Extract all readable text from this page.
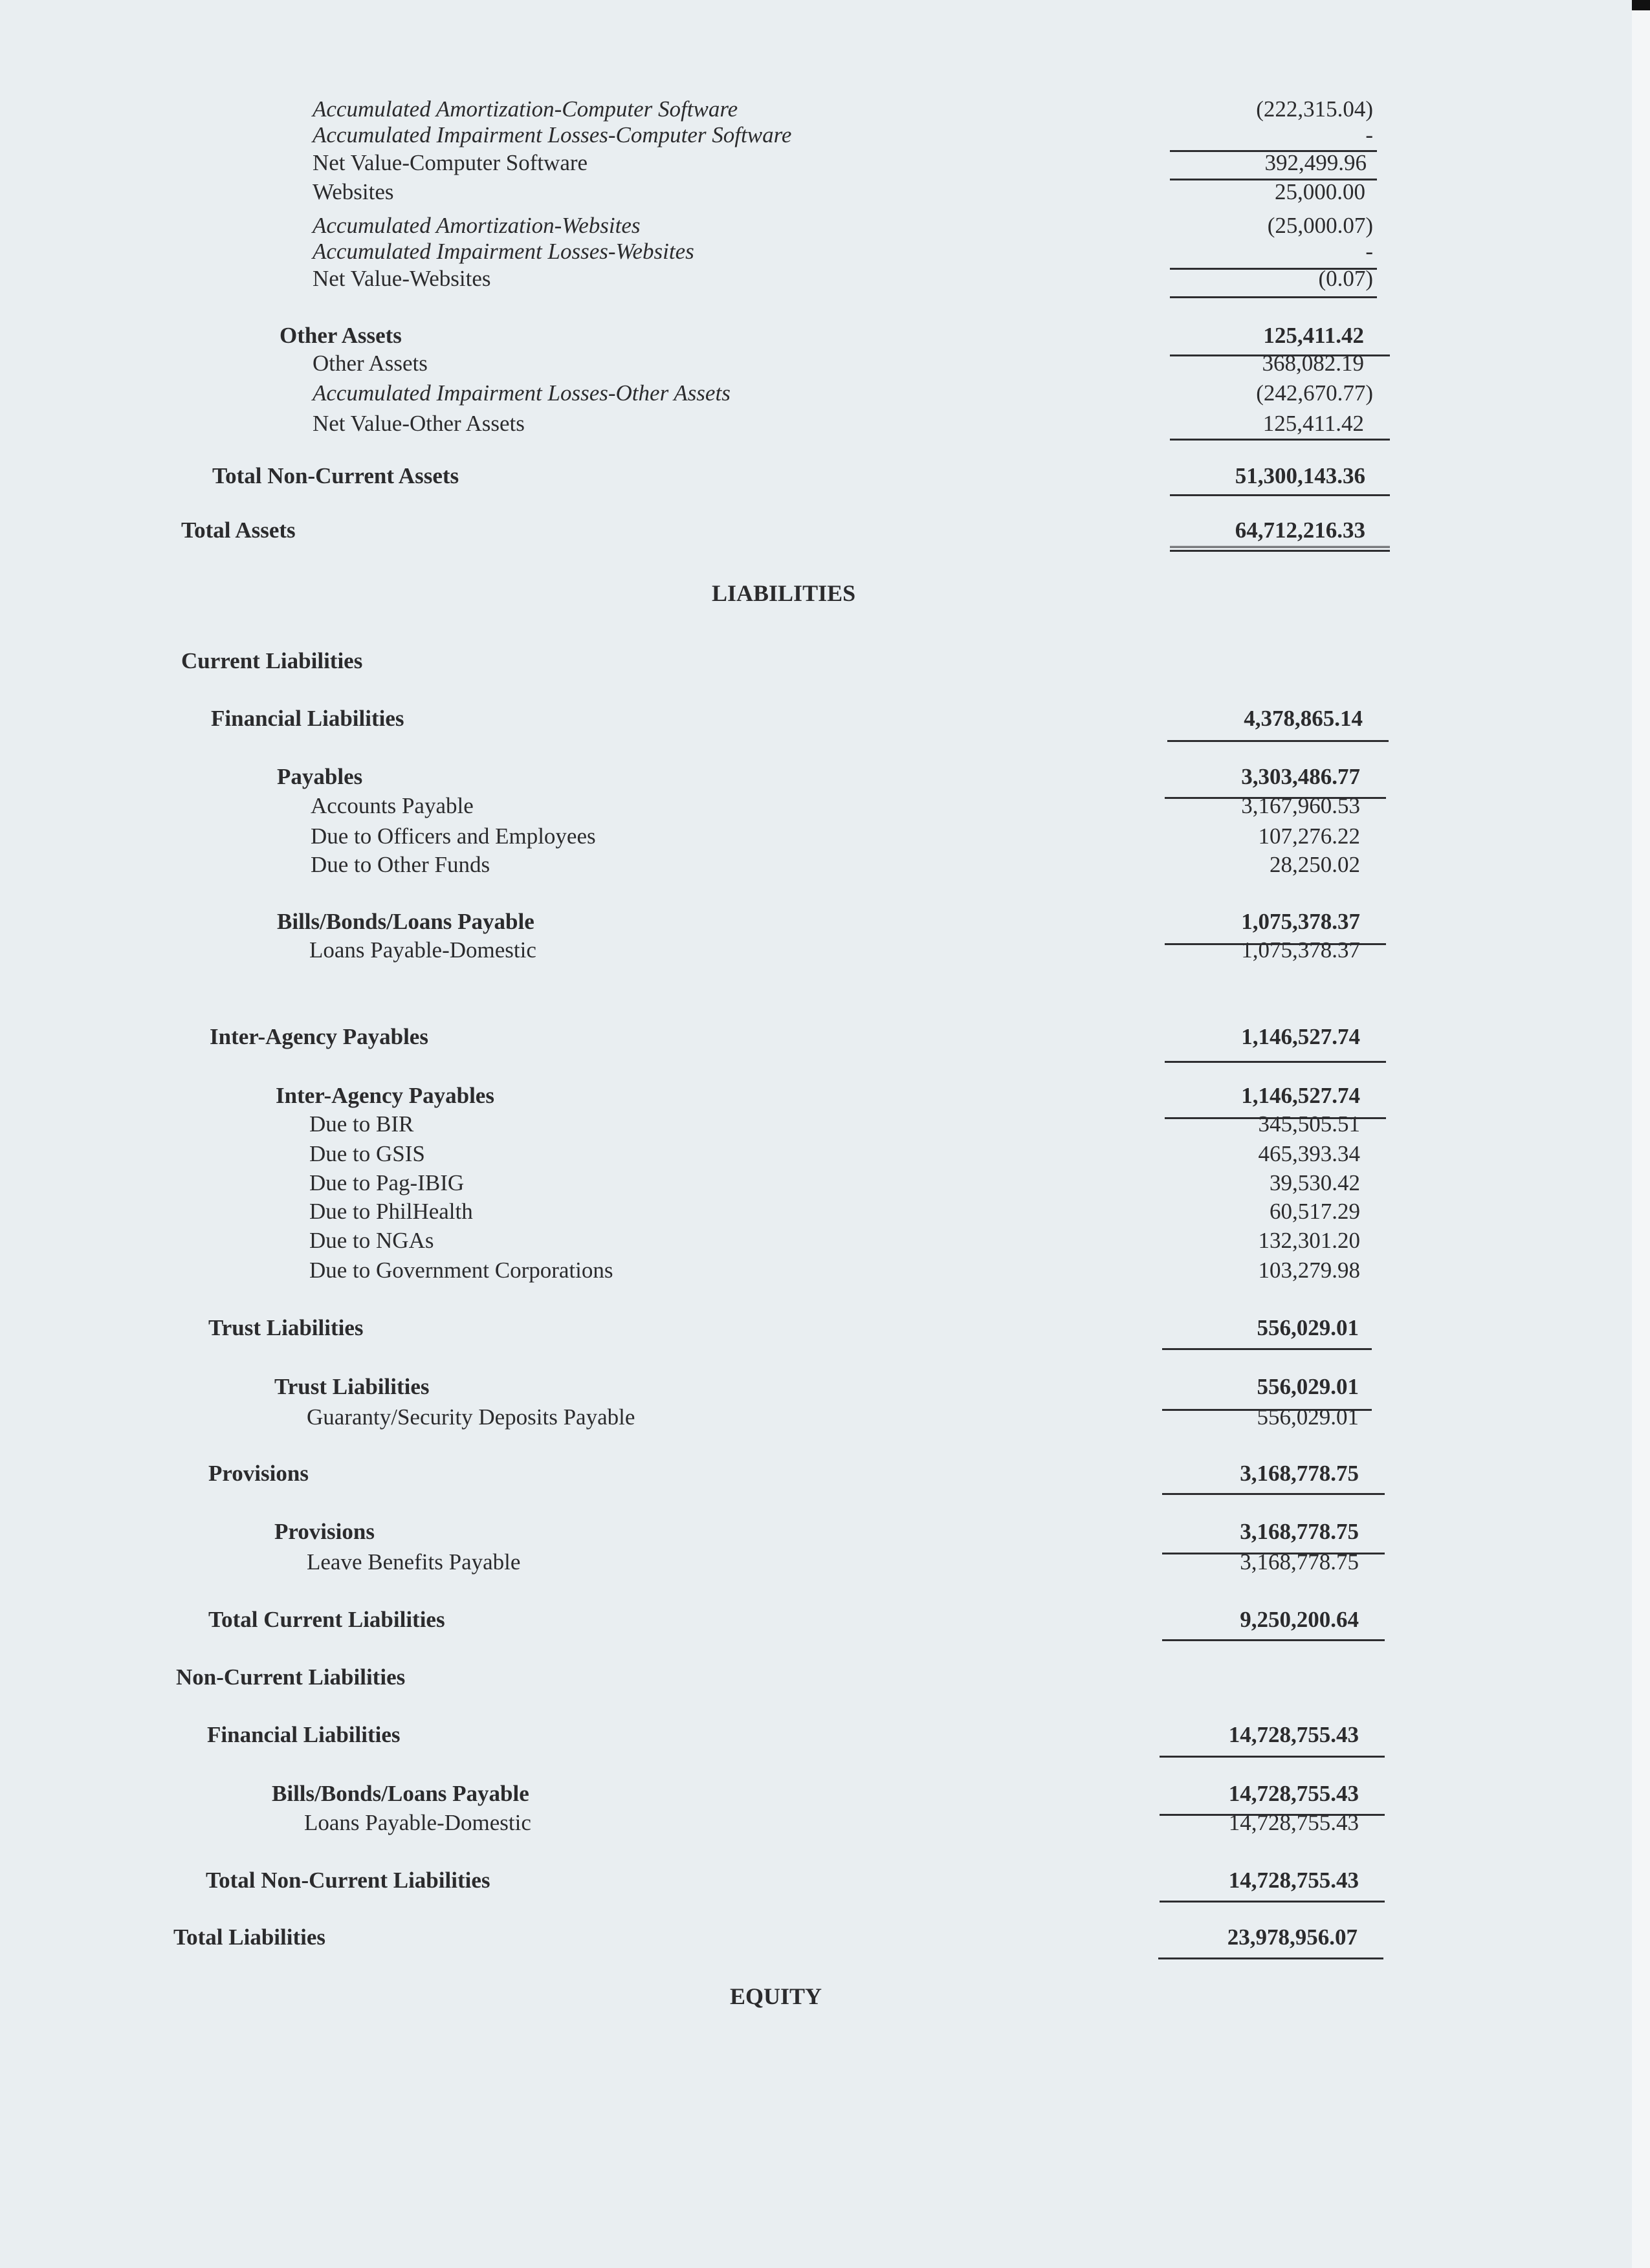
Accumulated Amortization-Computer Software	(222,315.04)
Accumulated Impairment Losses-Computer Software	-
Net Value-Computer Software	392,499.96
Websites	25,000.00
Accumulated Amortization-Websites	(25,000.07)
Accumulated Impairment Losses-Websites	-
Net Value-Websites	(0.07)
Other Assets	125,411.42
Other Assets	368,082.19
Accumulated Impairment Losses-Other Assets	(242,670.77)
Net Value-Other Assets	125,411.42
Total Non-Current Assets	51,300,143.36
Total Assets	64,712,216.33
Current Liabilities
Financial Liabilities	4,378,865.14
Payables	3,303,486.77
Accounts Payable	3,167,960.53
Due to Officers and Employees	107,276.22
Due to Other Funds	28,250.02
Bills/Bonds/Loans Payable	1,075,378.37
Loans Payable-Domestic	1,075,378.37
Inter-Agency Payables	1,146,527.74
Inter-Agency Payables	1,146,527.74
Due to BIR	345,505.51
Due to GSIS	465,393.34
Due to Pag-IBIG	39,530.42
Due to PhilHealth	60,517.29
Due to NGAs	132,301.20
Due to Government Corporations	103,279.98
Trust Liabilities	556,029.01
Trust Liabilities	556,029.01
Guaranty/Security Deposits Payable	556,029.01
Provisions	3,168,778.75
Provisions	3,168,778.75
Leave Benefits Payable	3,168,778.75
Total Current Liabilities	9,250,200.64
Non-Current Liabilities
Financial Liabilities	14,728,755.43
Bills/Bonds/Loans Payable	14,728,755.43
Loans Payable-Domestic	14,728,755.43
Total Non-Current Liabilities	14,728,755.43
Total Liabilities	23,978,956.07
LIABILITIES
EQUITY
